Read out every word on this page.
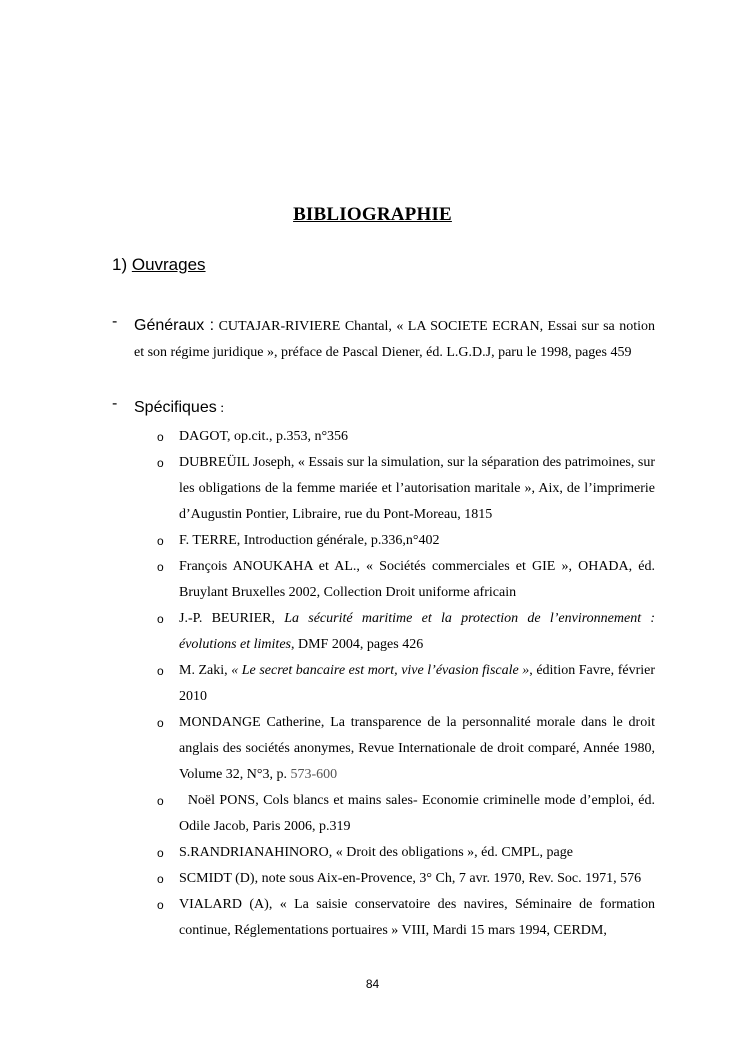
BIBLIOGRAPHIE
1) Ouvrages
- Généraux : CUTAJAR-RIVIERE Chantal, « LA SOCIETE ECRAN, Essai sur sa notion et son régime juridique », préface de Pascal Diener, éd. L.G.D.J, paru le 1998, pages 459
- Spécifiques :
o DAGOT, op.cit., p.353, n°356
o DUBREÜIL Joseph, « Essais sur la simulation, sur la séparation des patrimoines, sur les obligations de la femme mariée et l’autorisation maritale », Aix, de l’imprimerie d’Augustin Pontier, Libraire, rue du Pont-Moreau, 1815
o F. TERRE, Introduction générale, p.336,n°402
o François ANOUKAHA et AL., « Sociétés commerciales et GIE », OHADA, éd. Bruylant Bruxelles 2002, Collection Droit uniforme africain
o J.-P. BEURIER, La sécurité maritime et la protection de l’environnement : évolutions et limites, DMF 2004, pages 426
o M. Zaki, « Le secret bancaire est mort, vive l’évasion fiscale », édition Favre, février 2010
o MONDANGE Catherine, La transparence de la personnalité morale dans le droit anglais des sociétés anonymes, Revue Internationale de droit comparé, Année 1980, Volume 32, N°3, p. 573-600
o Noël PONS, Cols blancs et mains sales- Economie criminelle mode d’emploi, éd. Odile Jacob, Paris 2006, p.319
o S.RANDRIANAHINORO, « Droit des obligations », éd. CMPL, page
o SCMIDT (D), note sous Aix-en-Provence, 3° Ch, 7 avr. 1970, Rev. Soc. 1971, 576
o VIALARD (A), « La saisie conservatoire des navires, Séminaire de formation continue, Réglementations portuaires » VIII, Mardi 15 mars 1994, CERDM,
84
